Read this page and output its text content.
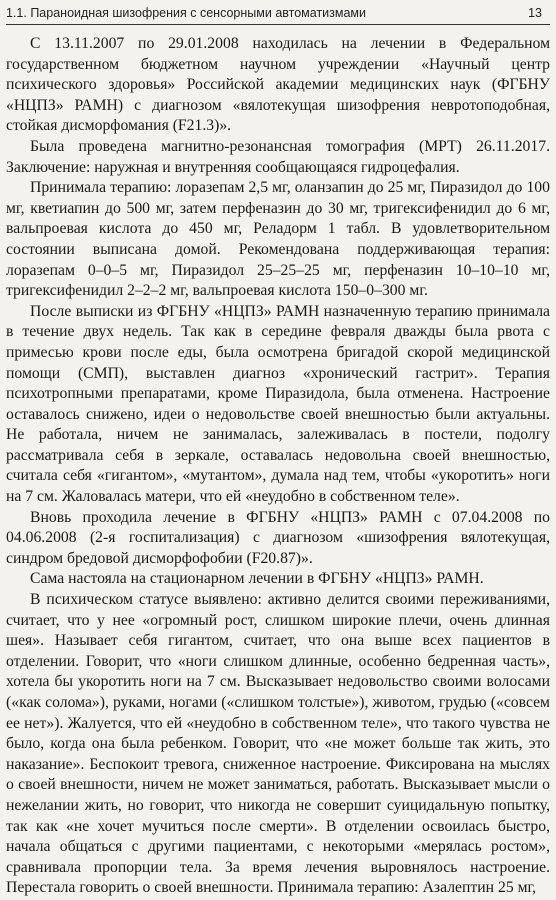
1.1. Параноидная шизофрения с сенсорными автоматизмами	13

С 13.11.2007 по 29.01.2008 находилась на лечении в Федеральном государственном бюджетном научном учреждении «Научный центр психического здоровья» Российской академии медицинских наук (ФГБНУ «НЦПЗ» РАМН) с диагнозом «вялотекущая шизофрения невротоподобная, стойкая дисморфомания (F21.3)».

Была проведена магнитно-резонансная томография (МРТ) 26.11.2017. Заключение: наружная и внутренняя сообщающаяся гидроцефалия.

Принимала терапию: лоразепам 2,5 мг, оланзапин до 25 мг, Пиразидол до 100 мг, кветиапин до 500 мг, затем перфеназин до 30 мг, тригексифенидил до 6 мг, вальпроевая кислота до 450 мг, Реладорм 1 табл. В удовлетворительном состоянии выписана домой. Рекомендована поддерживающая терапия: лоразепам 0–0–5 мг, Пиразидол 25–25–25 мг, перфеназин 10–10–10 мг, тригексифенидил 2–2–2 мг, вальпроевая кислота 150–0–300 мг.

После выписки из ФГБНУ «НЦПЗ» РАМН назначенную терапию принимала в течение двух недель. Так как в середине февраля дважды была рвота с примесью крови после еды, была осмотрена бригадой скорой медицинской помощи (СМП), выставлен диагноз «хронический гастрит». Терапия психотропными препаратами, кроме Пиразидола, была отменена. Настроение оставалось снижено, идеи о недовольстве своей внешностью были актуальны. Не работала, ничем не занималась, залеживалась в постели, подолгу рассматривала себя в зеркале, оставалась недовольна своей внешностью, считала себя «гигантом», «мутантом», думала над тем, чтобы «укоротить» ноги на 7 см. Жаловалась матери, что ей «неудобно в собственном теле».

Вновь проходила лечение в ФГБНУ «НЦПЗ» РАМН с 07.04.2008 по 04.06.2008 (2-я госпитализация) с диагнозом «шизофрения вялотекущая, синдром бредовой дисморфофобии (F20.87)».

Сама настояла на стационарном лечении в ФГБНУ «НЦПЗ» РАМН.

В психическом статусе выявлено: активно делится своими переживаниями, считает, что у нее «огромный рост, слишком широкие плечи, очень длинная шея». Называет себя гигантом, считает, что она выше всех пациентов в отделении. Говорит, что «ноги слишком длинные, особенно бедренная часть», хотела бы укоротить ноги на 7 см. Высказывает недовольство своими волосами («как солома»), руками, ногами («слишком толстые»), животом, грудью («совсем ее нет»). Жалуется, что ей «неудобно в собственном теле», что такого чувства не было, когда она была ребенком. Говорит, что «не может больше так жить, это наказание». Беспокоит тревога, сниженное настроение. Фиксирована на мыслях о своей внешности, ничем не может заниматься, работать. Высказывает мысли о нежелании жить, но говорит, что никогда не совершит суицидальную попытку, так как «не хочет мучиться после смерти». В отделении освоилась быстро, начала общаться с другими пациентами, с некоторыми «мерялась ростом», сравнивала пропорции тела. За время лечения выровнялось настроение. Перестала говорить о своей внешности. Принимала терапию: Азалептин 25 мг,
